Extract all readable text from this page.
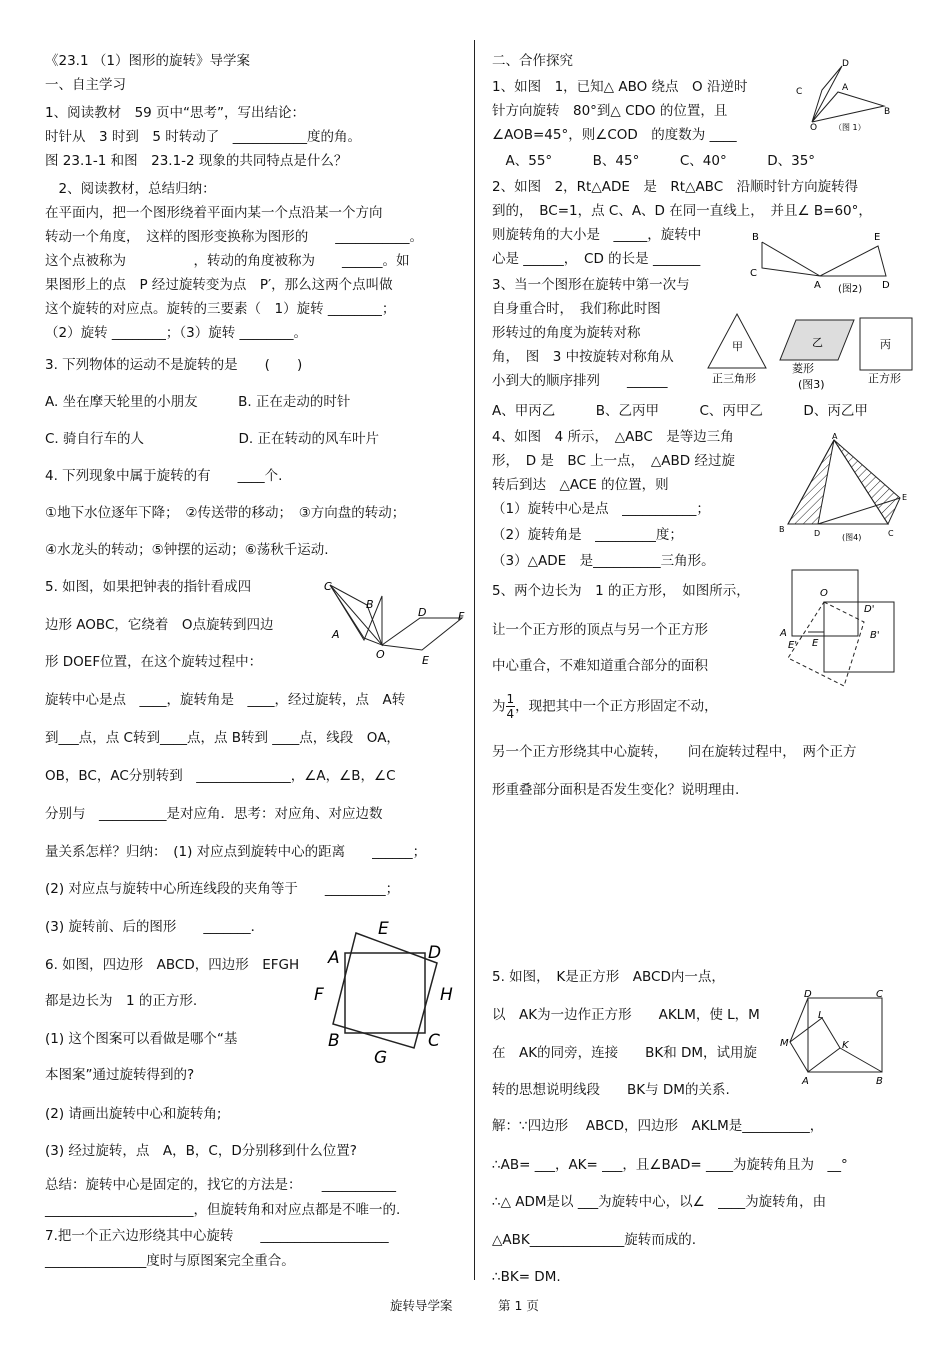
《23.1 （1）图形的旋转》导学案
一、自主学习
1、阅读教材　59 页中“思考”，写出结论：
时针从　3 时到　5 时转动了　___________度的角。
图 23.1-1 和图　23.1-2 现象的共同特点是什么？
　2、阅读教材，总结归纳：
在平面内，把一个图形绕着平面内某一个点沿某一个方向
转动一个角度，　这样的图形变换称为图形的　　___________。
这个点被称为　　　　　，转动的角度被称为　　______。如
果图形上的点　P 经过旋转变为点　P′，那么这两个点叫做
这个旋转的对应点。旋转的三要素（　1）旋转 ________；
（2）旋转 ________；（3）旋转 ________。
3. 下列物体的运动不是旋转的是　　(　　)
A. 坐在摩天轮里的小朋友　　　B. 正在走动的时针
C. 骑自行车的人　　　　　　　D. 正在转动的风车叶片
4. 下列现象中属于旋转的有　　____个.
①地下水位逐年下降；　②传送带的移动；　③方向盘的转动；
④水龙头的转动；⑤钟摆的运动；⑥荡秋千运动.
5. 如图，如果把钟表的指针看成四
边形 AOBC，它绕着　O点旋转到四边
形 DOEF位置，在这个旋转过程中：
旋转中心是点　____，旋转角是　____，经过旋转，点　A转
到___点，点 C转到____点，点 B转到 ____点，线段　OA，
OB，BC，AC分别转到　______________，∠A，∠B，∠C
分别与　__________是对应角．思考：对应角、对应边数
量关系怎样？归纳：　(1) 对应点到旋转中心的距离　　______；
(2) 对应点与旋转中心所连线段的夹角等于　　_________；
(3) 旋转前、后的图形　　_______．
6. 如图，四边形　ABCD，四边形　EFGH
都是边长为　1 的正方形.
(1) 这个图案可以看做是哪个“基
本图案”通过旋转得到的?
(2) 请画出旋转中心和旋转角;
(3) 经过旋转，点　A，B，C，D分别移到什么位置?
总结：旋转中心是固定的，找它的方法是：　　___________
______________________，但旋转角和对应点都是不唯一的.
7.把一个正六边形绕其中心旋转　　___________________
_______________度时与原图案完全重合。
为 $\frac{1}{4}$ ，现把其中一个正方形固定不动，
二、合作探究
1、如图　1，已知△ ABO 绕点　O 沿逆时
针方向旋转　80°到△ CDO 的位置，且
∠AOB=45°，则∠COD　的度数为 ____
　A、55°　　　B、45°　　　C、40°　　　D、35°
2、如图　2，Rt△ADE　是　Rt△ABC　沿顺时针方向旋转得
到的，　BC=1，点 C、A、D 在同一直线上，　并且∠ B=60°，
则旋转角的大小是　_____，旋转中
心是 ______，　CD 的长是 _______
3、当一个图形在旋转中第一次与
自身重合时，　我们称此时图
形转过的角度为旋转对称
角，　图　3 中按旋转对称角从
小到大的顺序排列　　______
A、甲丙乙　　　B、乙丙甲　　　C、丙甲乙　　　D、丙乙甲
4、如图　4 所示，　△ABC　是等边三角
形，　D 是　BC 上一点，　△ABD 经过旋
转后到达　△ACE 的位置，则
（1）旋转中心是点　___________；
（2）旋转角是　_________度；
（3）△ADE　是__________三角形。
5、两个边长为　1 的正方形，　如图所示，
让一个正方形的顶点与另一个正方形
中心重合，不难知道重合部分的面积
另一个正方形绕其中心旋转，　　问在旋转过程中，　两个正方
形重叠部分面积是否发生变化？说明理由.
5. 如图，　K是正方形　ABCD内一点，
以　AK为一边作正方形　　AKLM，使 L，M
在　AK的同旁，连接　　BK和 DM，试用旋
转的思想说明线段　　BK与 DM的关系.
解：∵四边形　 ABCD，四边形　AKLM是__________，
∴AB= ___，AK= ___，且∠BAD= ____为旋转角且为　__°
∴△ ADM是以 ___为旋转中心，以∠　____为旋转角，由
△ABK______________旋转而成的.
∴BK= DM.
C
B
A
O
D	F
E
A
E
D
F	H
B
G
C
D
C	A
B
O （图 1）
B	E
C
A	D
(图2)
甲	乙	丙
正三角形
菱形
(图3)	正方形
A
B	D	C
E
(图4)
O
D'
A
E' E
B'
D	C
L
M	K
A	B
旋转导学案	第 1 页
